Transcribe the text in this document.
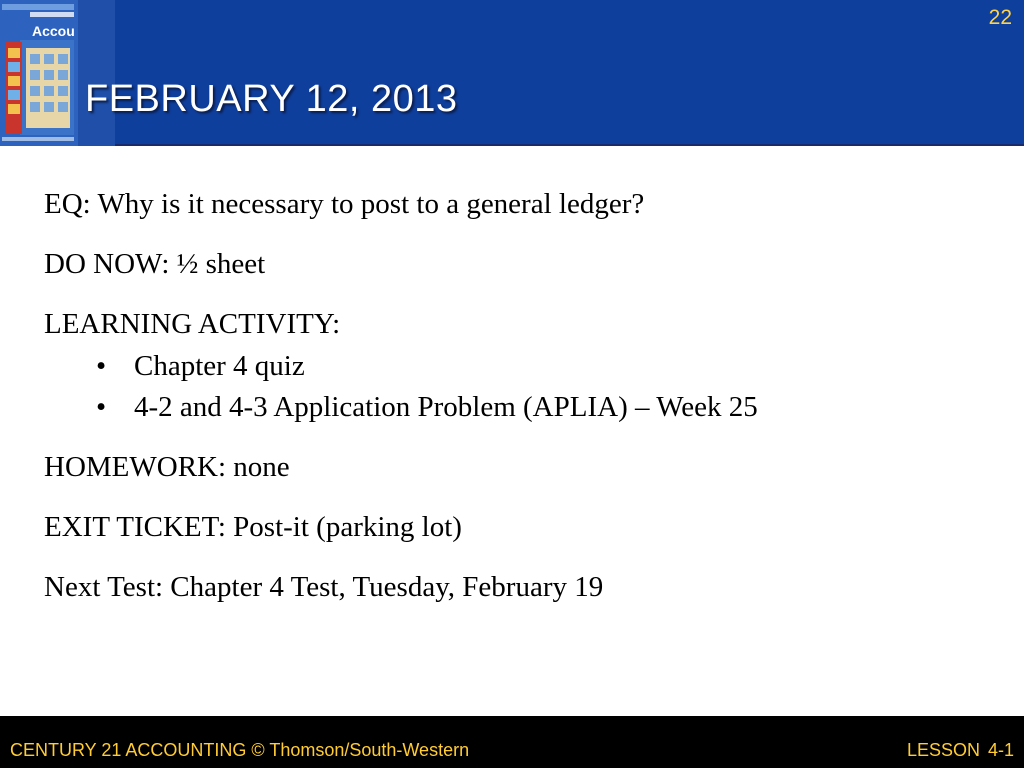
Accou
22
FEBRUARY 12, 2013
EQ: Why is it necessary to post to a general ledger?
DO NOW: ½ sheet
LEARNING ACTIVITY:
• Chapter 4 quiz
• 4-2 and 4-3 Application Problem (APLIA) – Week 25
HOMEWORK: none
EXIT TICKET: Post-it (parking lot)
Next Test: Chapter 4 Test, Tuesday, February 19
CENTURY 21 ACCOUNTING © Thomson/South-Western	LESSON 4-1
